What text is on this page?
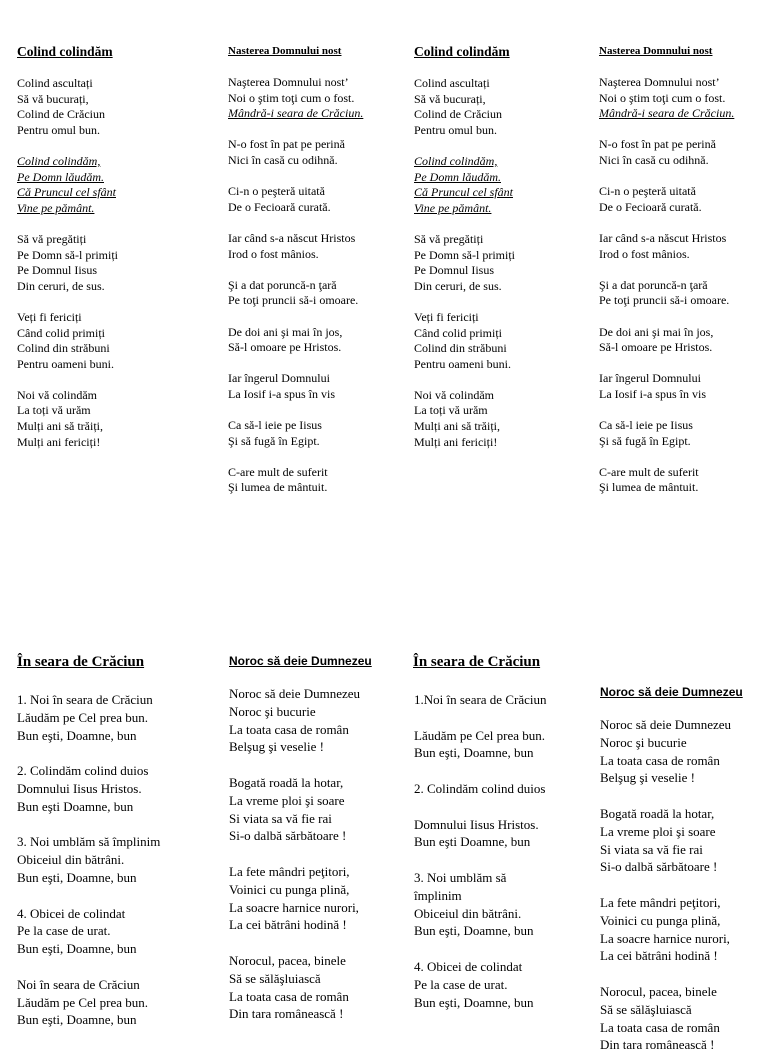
Colind colindăm
Colind ascultați
Să vă bucurați,
Colind de Crăciun
Pentru omul bun.

Colind colindăm,
Pe Domn lăudăm.
Că Pruncul cel sfânt
Vine pe pământ.

Să vă pregătiți
Pe Domn să-l primiți
Pe Domnul Iisus
Din ceruri, de sus.

Veți fi fericiți
Când colid primiți
Colind din străbuni
Pentru oameni buni.

Noi vă colindăm
La toți vă urăm
Mulți ani să trăiți,
Mulți ani fericiți!
Nasterea Domnului nost
Naşterea Domnului nost’
Noi o ştim toţi cum o fost.
Mândră-i seara de Crăciun.

N-o fost în pat pe perină
Nici în casă cu odihnă.

Ci-n o peşteră uitată
De o Fecioară curată.

Iar când s-a născut Hristos
Irod o fost mânios.

Şi a dat poruncă-n ţară
Pe toţi pruncii să-i omoare.

De doi ani şi mai în jos,
Să-l omoare pe Hristos.

Iar îngerul Domnului
La Iosif i-a spus în vis

Ca să-l ieie pe Iisus
Şi să fugă în Egipt.

C-are mult de suferit
Şi lumea de mântuit.
Colind colindăm
Colind ascultați
Să vă bucurați,
Colind de Crăciun
Pentru omul bun.

Colind colindăm,
Pe Domn lăudăm.
Că Pruncul cel sfânt
Vine pe pământ.

Să vă pregătiți
Pe Domn să-l primiți
Pe Domnul Iisus
Din ceruri, de sus.

Veți fi fericiți
Când colid primiți
Colind din străbuni
Pentru oameni buni.

Noi vă colindăm
La toți vă urăm
Mulți ani să trăiți,
Mulți ani fericiți!
Nasterea Domnului nost
Naşterea Domnului nost’
Noi o ştim toţi cum o fost.
Mândră-i seara de Crăciun.

N-o fost în pat pe perină
Nici în casă cu odihnă.

Ci-n o peşteră uitată
De o Fecioară curată.

Iar când s-a născut Hristos
Irod o fost mânios.

Şi a dat poruncă-n ţară
Pe toţi pruncii să-i omoare.

De doi ani şi mai în jos,
Să-l omoare pe Hristos.

Iar îngerul Domnului
La Iosif i-a spus în vis

Ca să-l ieie pe Iisus
Şi să fugă în Egipt.

C-are mult de suferit
Şi lumea de mântuit.
În seara de Crăciun
1. Noi în seara de Crăciun
Lăudăm pe Cel prea bun.
Bun eşti, Doamne, bun

2. Colindăm colind duios
Domnului Iisus Hristos.
Bun eşti Doamne, bun

3. Noi umblăm să împlinim
Obiceiul din bătrâni.
Bun eşti, Doamne, bun

4. Obicei de colindat
Pe la case de urat.
Bun eşti, Doamne, bun

Noi în seara de Crăciun
Lăudăm pe Cel prea bun.
Bun eşti, Doamne, bun
Noroc să deie Dumnezeu
Noroc să deie Dumnezeu
Noroc şi bucurie
La toata casa de român
Belşug şi veselie !

Bogată roadă la hotar,
La vreme ploi şi soare
Si viata sa vă fie rai
Si-o dalbă sărbătoare !

La fete mândri peţitori,
Voinici cu punga plină,
La soacre harnice nurori,
La cei bătrâni hodină !

Norocul, pacea, binele
Să se sălăşluiască
La toata casa de român
Din tara românească !
În seara de Crăciun
1.Noi în seara de Crăciun

Lăudăm pe Cel prea bun.
Bun eşti, Doamne, bun

2. Colindăm colind duios

Domnului Iisus Hristos.
Bun eşti Doamne, bun

3. Noi umblăm să
împlinim
Obiceiul din bătrâni.
Bun eşti, Doamne, bun

4. Obicei de colindat
Pe la case de urat.
Bun eşti, Doamne, bun
Noroc să deie Dumnezeu
Noroc să deie Dumnezeu
Noroc şi bucurie
La toata casa de român
Belşug şi veselie !

Bogată roadă la hotar,
La vreme ploi şi soare
Si viata sa vă fie rai
Si-o dalbă sărbătoare !

La fete mândri peţitori,
Voinici cu punga plină,
La soacre harnice nurori,
La cei bătrâni hodină !

Norocul, pacea, binele
Să se sălăşluiască
La toata casa de român
Din tara românească !
